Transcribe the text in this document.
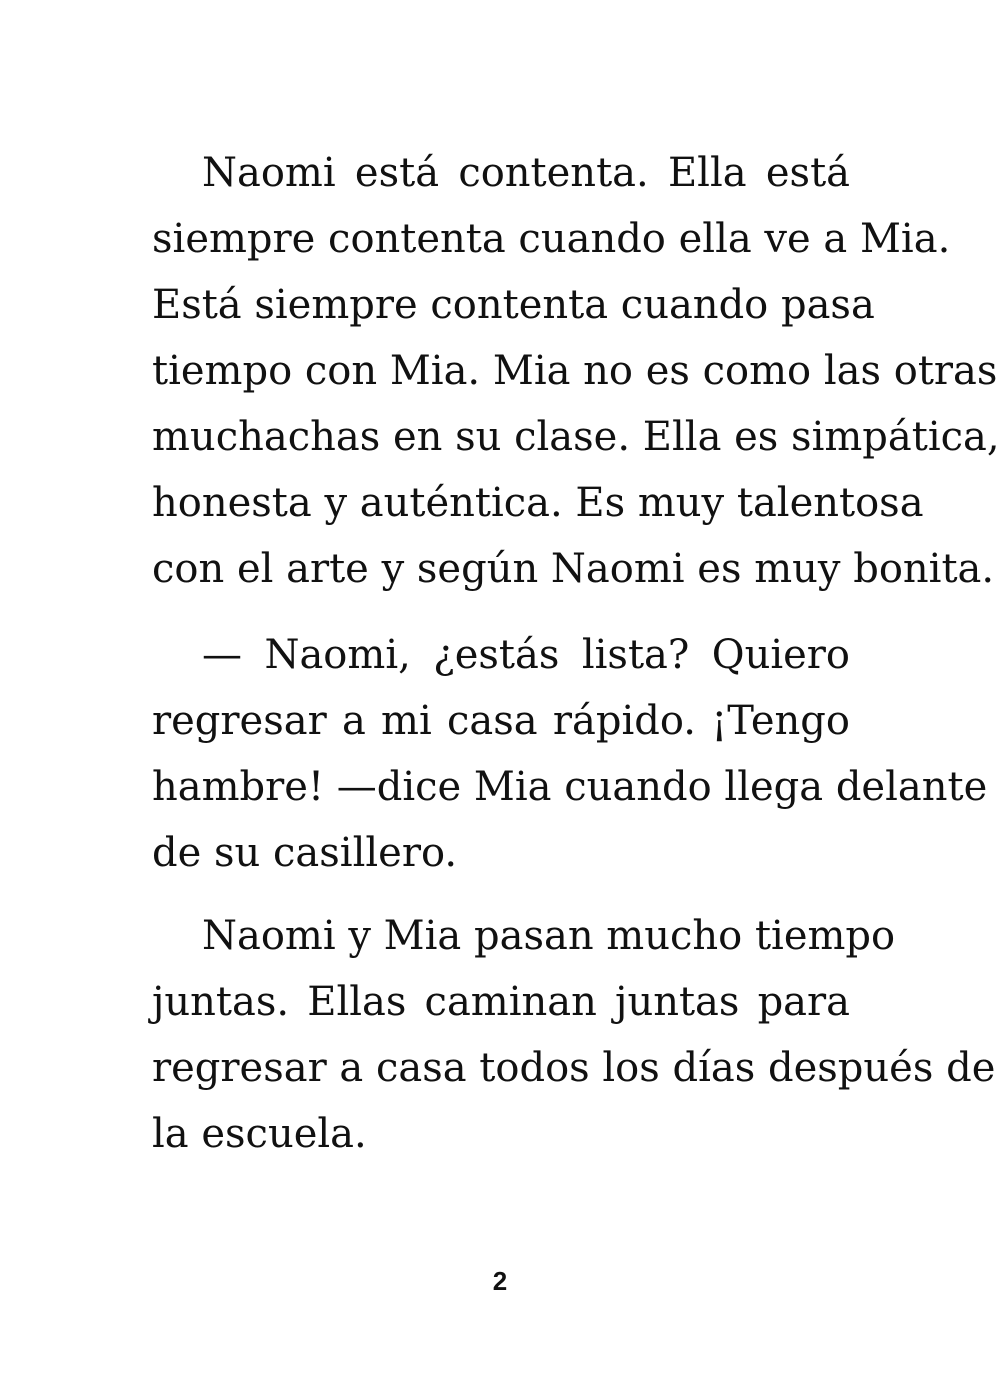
Naomi está contenta. Ella está
siempre contenta cuando ella ve a Mia.
Está siempre contenta cuando pasa
tiempo con Mia. Mia no es como las otras
muchachas en su clase. Ella es simpática,
honesta y auténtica. Es muy talentosa
con el arte y según Naomi es muy bonita.
— Naomi, ¿estás lista? Quiero
regresar a mi casa rápido. ¡Tengo
hambre! —dice Mia cuando llega delante
de su casillero.
Naomi y Mia pasan mucho tiempo
juntas. Ellas caminan juntas para
regresar a casa todos los días después de
la escuela.
2
